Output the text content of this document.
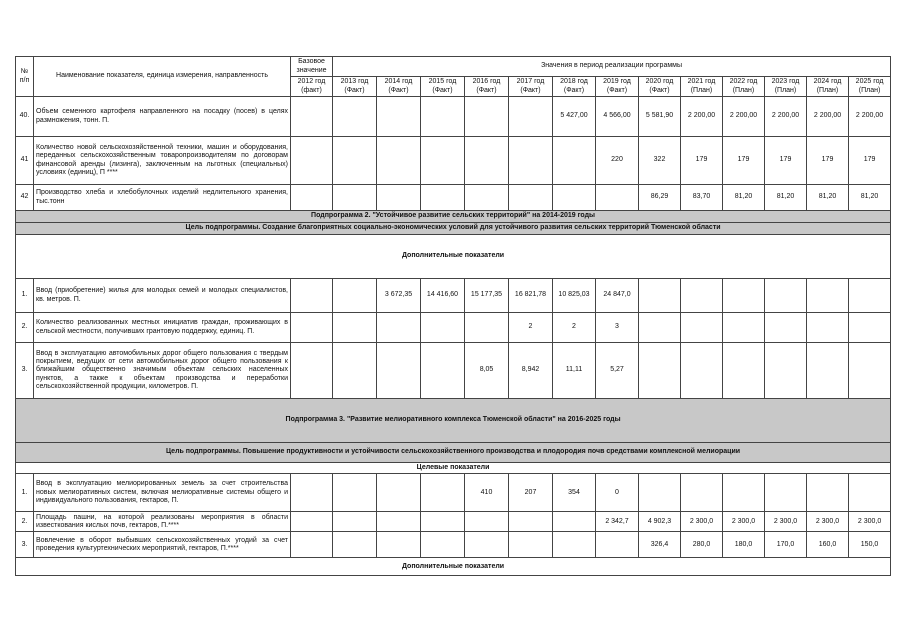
№ п/п	Наименование показателя, единица измерения, направленность	Базовое значение	Значения в период реализации программы												
		2012 год (факт)	2013 год (Факт)	2014 год (Факт)	2015 год (Факт)	2016 год (Факт)	2017 год (Факт)	2018 год (Факт)	2019 год (Факт)	2020 год (Факт)	2021 год (План)	2022 год (План)	2023 год (План)	2024 год (План)	2025 год (План)
40.	Объем семенного картофеля направленного на посадку (посев) в целях размножения, тонн. П.							5 427,00	4 566,00	5 581,90	2 200,00	2 200,00	2 200,00	2 200,00	2 200,00
41	Количество новой сельскохозяйственной техники, машин и оборудования, переданных сельскохозяйственным товаропроизводителям по договорам финансовой аренды (лизинга), заключенным на льготных (специальных) условиях (единиц), П ****								220	322	179	179	179	179	179
42	Производство хлеба и хлебобулочных изделий недлительного хранения, тыс.тонн									86,29	83,70	81,20	81,20	81,20	81,20
Подпрограмма 2. "Устойчивое развитие сельских территорий" на 2014-2019 годы															
Цель подпрограммы. Создание благоприятных социально-экономических условий для устойчивого развития сельских территорий Тюменской области															
Дополнительные показатели															
1.	Ввод (приобретение) жилья для молодых семей и молодых специалистов, кв. метров. П.			3 672,35	14 416,60	15 177,35	16 821,78	10 825,03	24 847,0						
2.	Количество реализованных местных инициатив граждан, проживающих в сельской местности, получивших грантовую поддержку, единиц. П.						2	2	3						
3.	Ввод в эксплуатацию автомобильных дорог общего пользования с твердым покрытием, ведущих от сети автомобильных дорог общего пользования к ближайшим общественно значимым объектам сельских населенных пунктов, а также к объектам производства и переработки сельскохозяйственной продукции, километров. П.					8,05	8,942	11,11	5,27						
Подпрограмма 3. "Развитие мелиоративного комплекса Тюменской области" на 2016-2025 годы															
Цель подпрограммы. Повышение продуктивности и устойчивости сельскохозяйственного производства и плодородия почв средствами комплексной мелиорации															
Целевые показатели															
1.	Ввод в эксплуатацию мелиорированных земель за счет строительства новых мелиоративных систем, включая мелиоративные системы общего и индивидуального пользования, гектаров, П.					410	207	354	0						
2.	Площадь пашни, на которой реализованы мероприятия в области известкования кислых почв, гектаров, П.****								2 342,7	4 902,3	2 300,0	2 300,0	2 300,0	2 300,0	2 300,0
3.	Вовлечение в оборот выбывших сельскохозяйственных угодий за счет проведения культуртехнических мероприятий, гектаров, П.****									326,4	280,0	180,0	170,0	160,0	150,0
Дополнительные показатели															
